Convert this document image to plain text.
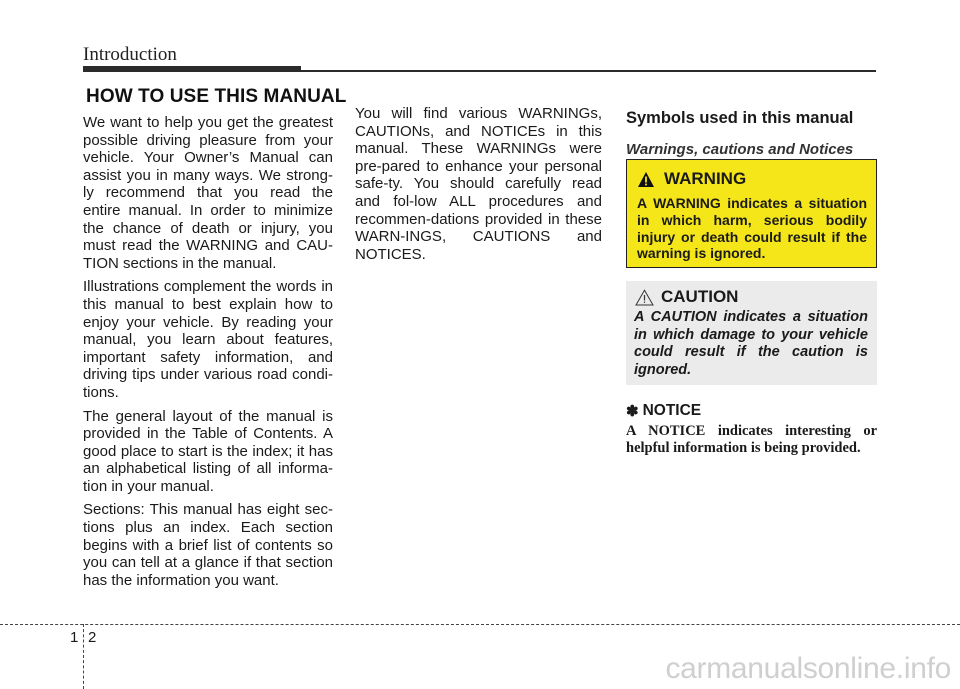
Introduction
HOW TO USE THIS MANUAL

We want to help you get the greatest possible driving pleasure from your vehicle. Your Owner’s Manual can assist you in many ways. We strong-ly recommend that you read the entire manual. In order to minimize the chance of death or injury, you must read the WARNING and CAU-TION sections in the manual.

Illustrations complement the words in this manual to best explain how to enjoy your vehicle. By reading your manual, you learn about features, important safety information, and driving tips under various road condi-tions.

The general layout of the manual is provided in the Table of Contents. A good place to start is the index; it has an alphabetical listing of all informa-tion in your manual.

Sections: This manual has eight sec-tions plus an index. Each section begins with a brief list of contents so you can tell at a glance if that section has the information you want.

You will find various WARNINGs, CAUTIONs, and NOTICEs in this manual. These WARNINGs were pre-pared to enhance your personal safe-ty. You should carefully read and fol-low ALL procedures and recommen-dations provided in these WARN-INGS, CAUTIONS and NOTICES.

Symbols used in this manual
Warnings, cautions and Notices
WARNING
A WARNING indicates a situation in which harm, serious bodily injury or death could result if the warning is ignored.
CAUTION
A CAUTION indicates a situation in which damage to your vehicle could result if the caution is ignored.
✽ NOTICE
A NOTICE indicates interesting or helpful information is being provided.
1 2
carmanualsonline.info
